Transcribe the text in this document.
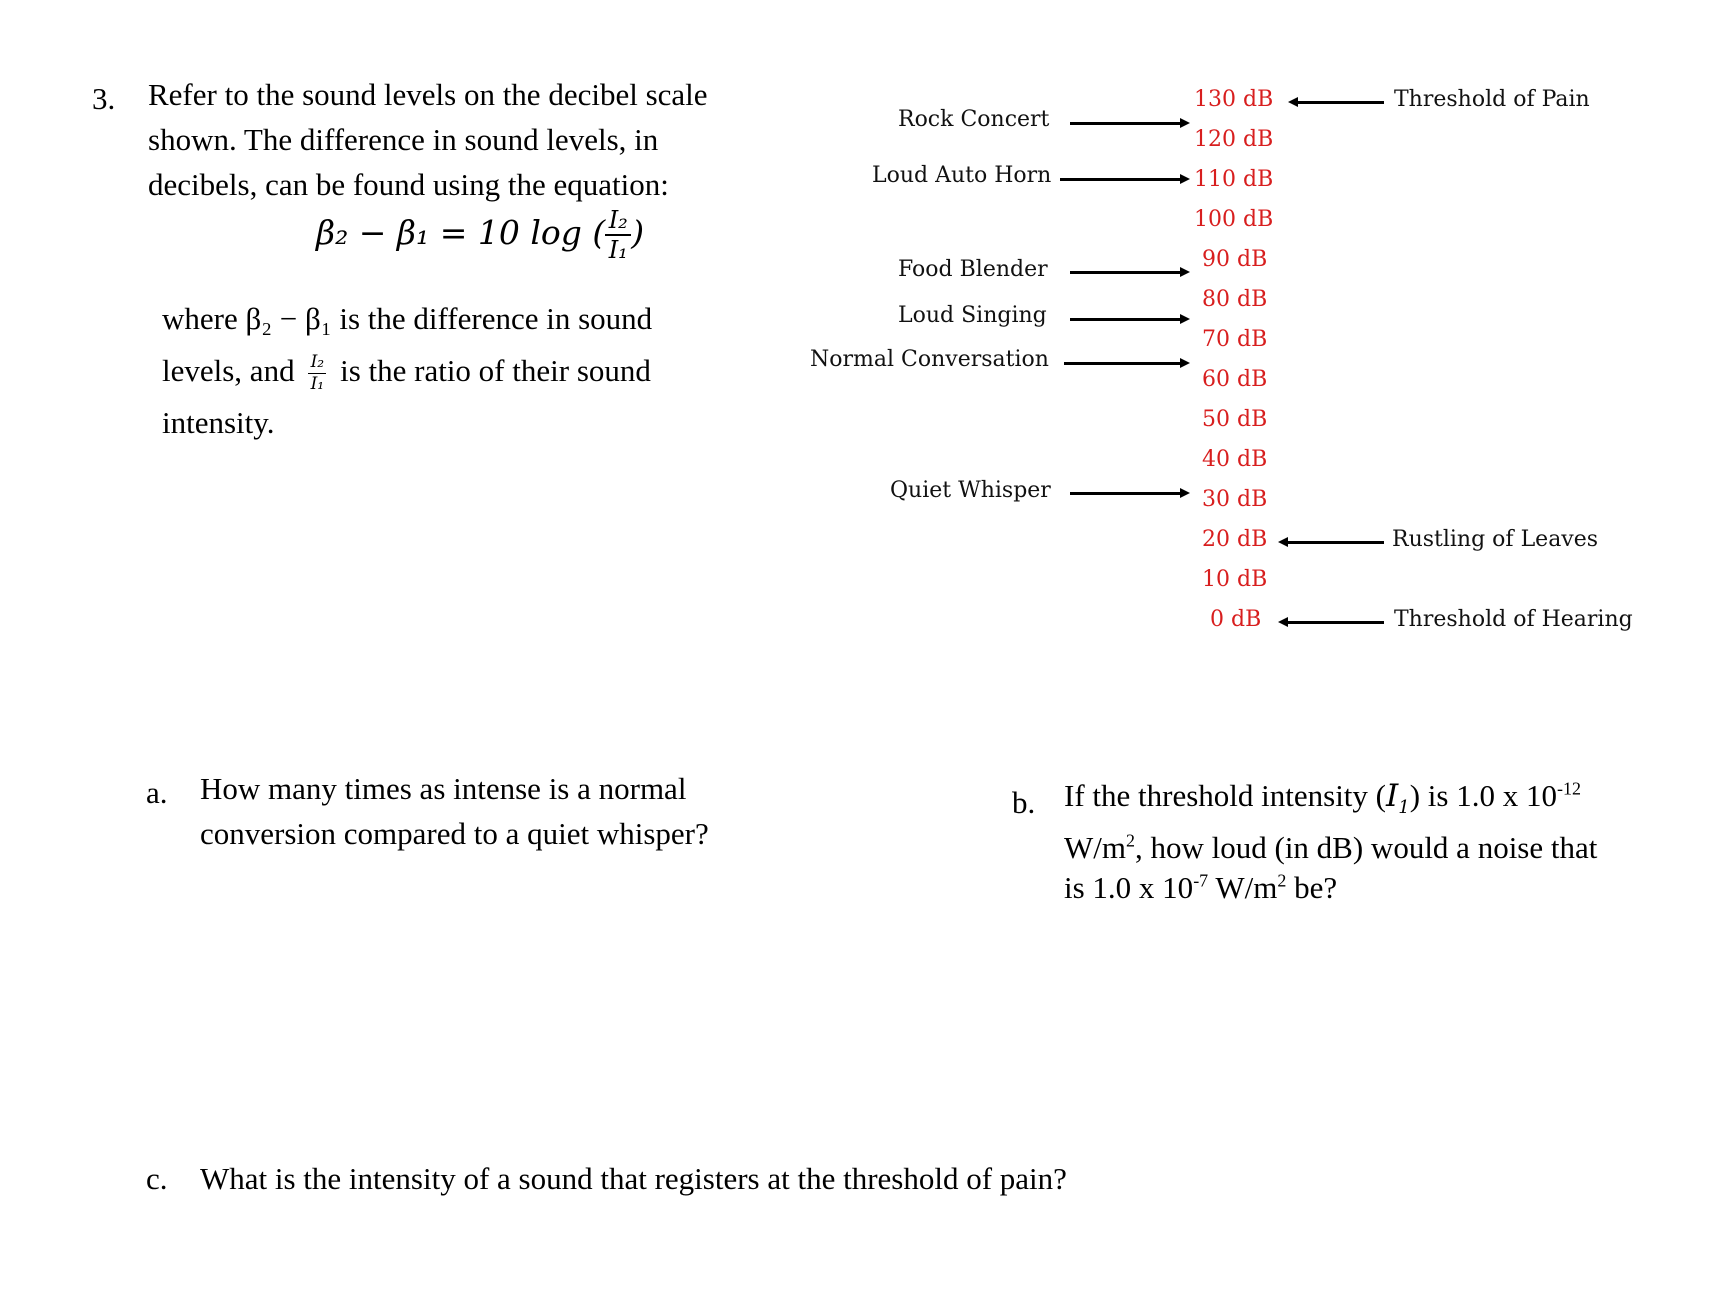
3. Refer to the sound levels on the decibel scale
shown. The difference in sound levels, in
decibels, can be found using the equation:
β₂ − β₁ = 10 log ( $\frac{\text{I₂}}{\text{I₁}}$ )
where β₂ − β₁ is the difference in sound
levels, and $\frac{\text{I₂}}{\text{I₁}}$ is the ratio of their sound
intensity.
130 dB
120 dB
110 dB
100 dB
90 dB
80 dB
70 dB
60 dB
50 dB
40 dB
30 dB
20 dB
10 dB
0 dB
Rock Concert
Loud Auto Horn
Food Blender
Loud Singing
Normal Conversation
Quiet Whisper
Threshold of Pain
Rustling of Leaves
Threshold of Hearing
a. How many times as intense is a normal
conversion compared to a quiet whisper?
b. If the threshold intensity $(I_1)$ is 1.0 x $10^{-12}$
$W/m^2$, how loud (in dB) would a noise that
is 1.0 x $10^{-7}$ $W/m^2$ be?
c. What is the intensity of a sound that registers at the threshold of pain?
